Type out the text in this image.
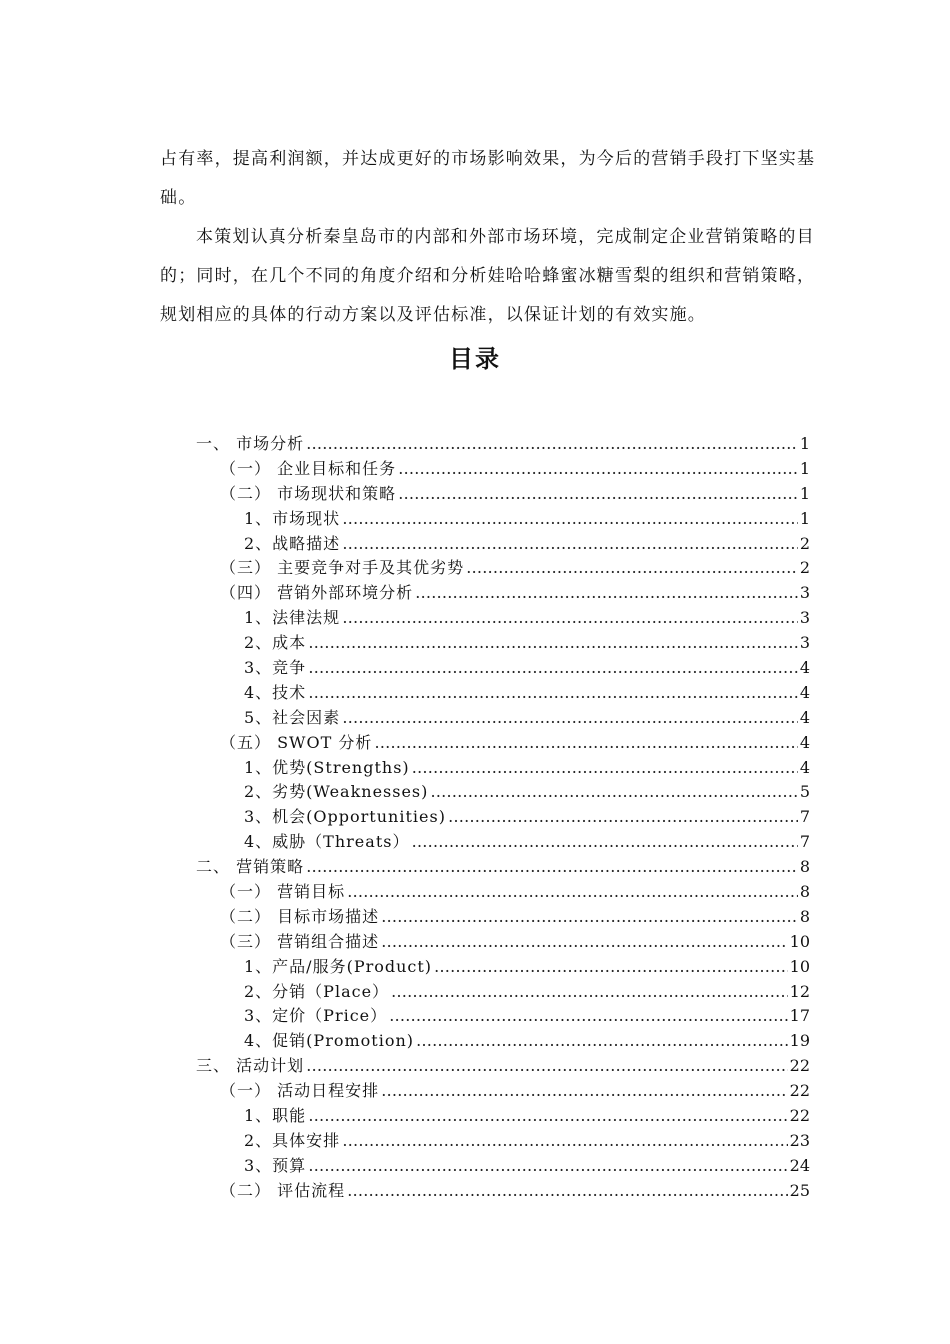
占有率，提高利润额，并达成更好的市场影响效果，为今后的营销手段打下坚实基础。

本策划认真分析秦皇岛市的内部和外部市场环境，完成制定企业营销策略的目的；同时，在几个不同的角度介绍和分析娃哈哈蜂蜜冰糖雪梨的组织和营销策略，规划相应的具体的行动方案以及评估标准，以保证计划的有效实施。

目录
一、 市场分析 …………………………………………………………………………………………………………………………………………………………………………………………………………	1
（一） 企业目标和任务 …………………………………………………………………………………………………………………………………………………………………………………………………………	1
（二） 市场现状和策略 …………………………………………………………………………………………………………………………………………………………………………………………………………	1
1、市场现状 …………………………………………………………………………………………………………………………………………………………………………………………………………	1
2、战略描述 …………………………………………………………………………………………………………………………………………………………………………………………………………	2
（三） 主要竞争对手及其优劣势 …………………………………………………………………………………………………………………………………………………………………………………………………………	2
（四） 营销外部环境分析 …………………………………………………………………………………………………………………………………………………………………………………………………………	3
1、法律法规 …………………………………………………………………………………………………………………………………………………………………………………………………………	3
2、成本 …………………………………………………………………………………………………………………………………………………………………………………………………………	3
3、竞争 …………………………………………………………………………………………………………………………………………………………………………………………………………	4
4、技术 …………………………………………………………………………………………………………………………………………………………………………………………………………	4
5、社会因素 …………………………………………………………………………………………………………………………………………………………………………………………………………	4
（五） SWOT 分析 …………………………………………………………………………………………………………………………………………………………………………………………………………	4
1、优势(Strengths) …………………………………………………………………………………………………………………………………………………………………………………………………………	4
2、劣势(Weaknesses) …………………………………………………………………………………………………………………………………………………………………………………………………………	5
3、机会(Opportunities) …………………………………………………………………………………………………………………………………………………………………………………………………………	7
4、威胁（Threats） …………………………………………………………………………………………………………………………………………………………………………………………………………	7
二、 营销策略 …………………………………………………………………………………………………………………………………………………………………………………………………………	8
（一） 营销目标 …………………………………………………………………………………………………………………………………………………………………………………………………………	8
（二） 目标市场描述 …………………………………………………………………………………………………………………………………………………………………………………………………………	8
（三） 营销组合描述 …………………………………………………………………………………………………………………………………………………………………………………………………………	10
1、产品/服务(Product) …………………………………………………………………………………………………………………………………………………………………………………………………………	10
2、分销（Place） …………………………………………………………………………………………………………………………………………………………………………………………………………	12
3、定价（Price） …………………………………………………………………………………………………………………………………………………………………………………………………………	17
4、促销(Promotion) …………………………………………………………………………………………………………………………………………………………………………………………………………	19
三、 活动计划 …………………………………………………………………………………………………………………………………………………………………………………………………………	22
（一） 活动日程安排 …………………………………………………………………………………………………………………………………………………………………………………………………………	22
1、职能 …………………………………………………………………………………………………………………………………………………………………………………………………………	22
2、具体安排 …………………………………………………………………………………………………………………………………………………………………………………………………………	23
3、预算 …………………………………………………………………………………………………………………………………………………………………………………………………………	24
（二） 评估流程 …………………………………………………………………………………………………………………………………………………………………………………………………………	25
